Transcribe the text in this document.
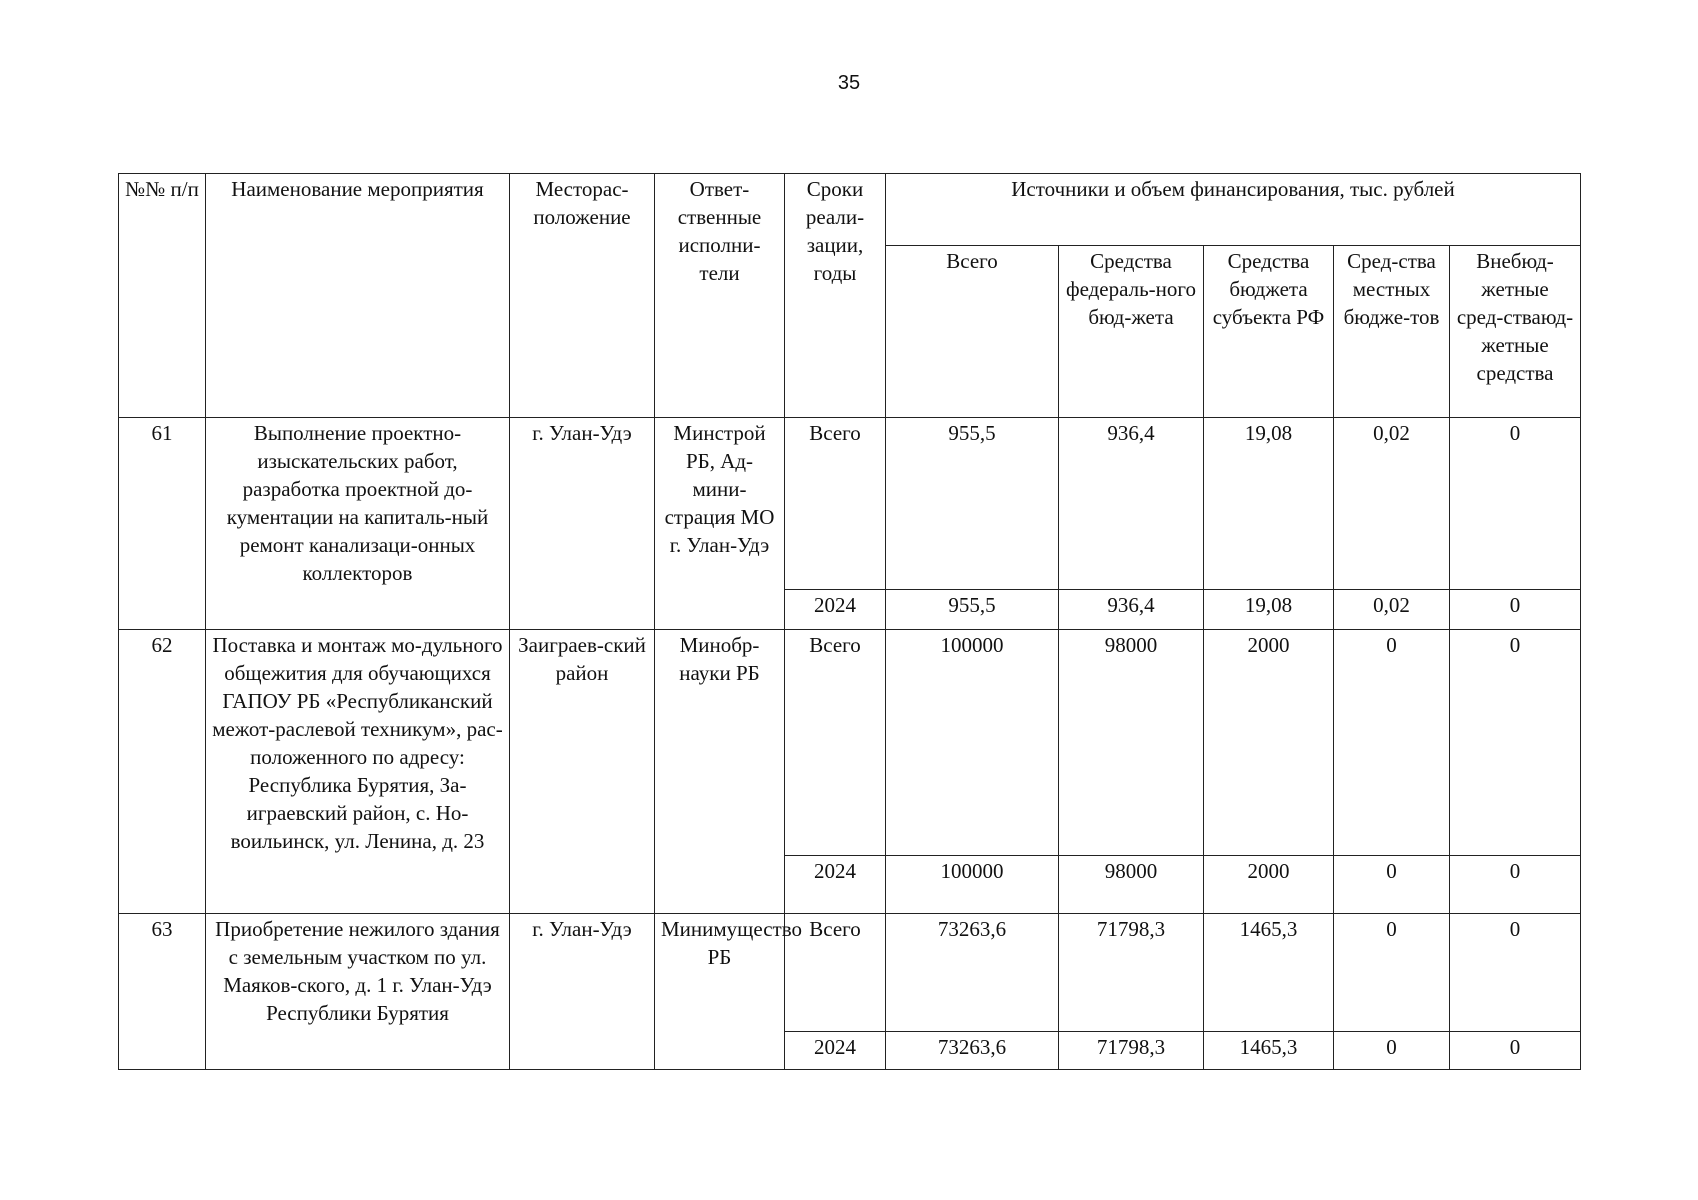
35
№№ п/п	Наименование мероприятия	Месторас-положение	Ответ-ственные исполни-тели	Сроки реали-зации, годы	Источники и объем финансирования, тыс. рублей				
					Всего	Средства федераль-ного бюд-жета	Средства бюджета субъекта РФ	Сред-ства местных бюдже-тов	Внебюд-жетные сред-стваюд-жетные средства
61	Выполнение проектно-изыскательских работ, разработка проектной до-кументации на капиталь-ный ремонт канализаци-онных коллекторов	г. Улан-Удэ	Минстрой РБ, Ад-мини-страция МО г. Улан-Удэ	Всего	955,5	936,4	19,08	0,02	0
				2024	955,5	936,4	19,08	0,02	0
62	Поставка и монтаж мо-дульного общежития для обучающихся ГАПОУ РБ «Республиканский межот-раслевой техникум», рас-положенного по адресу: Республика Бурятия, За-играевский район, с. Но-воильинск, ул. Ленина, д. 23	Заиграев-ский район	Минобр-науки РБ	Всего	100000	98000	2000	0	0
				2024	100000	98000	2000	0	0
63	Приобретение нежилого здания с земельным участком по ул. Маяков-ского, д. 1 г. Улан-Удэ Республики Бурятия	г. Улан-Удэ	Минимущество РБ	Всего	73263,6	71798,3	1465,3	0	0
				2024	73263,6	71798,3	1465,3	0	0
